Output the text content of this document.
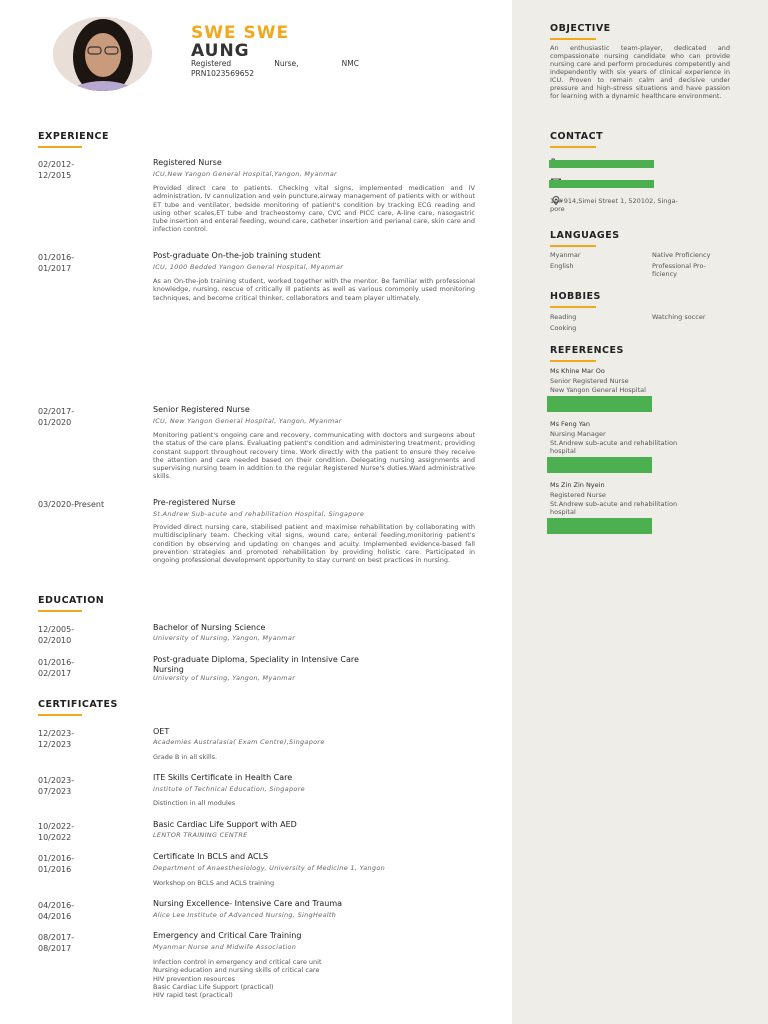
SWE SWE
AUNG
Registered	Nurse,	NMC
PRN1023569652
EXPERIENCE
02/2012-
12/2015
Registered Nurse
ICU,New Yangon General Hospital,Yangon, Myanmar
Provided direct care to patients. Checking vital signs, implemented medication and IV administration, IV cannulization and vein puncture,airway management of patients with or without ET tube and ventilator, bedside monitoring of patient's condition by tracking ECG reading and using other scales,ET tube and tracheostomy care, CVC and PICC care, A-line care, nasogastric tube insertion and enteral feeding, wound care, catheter insertion and perianal care, skin care and infection control.
01/2016-
01/2017
Post-graduate On-the-job training student
ICU, 1000 Bedded Yangon General Hospital, Myanmar
As an On-the-job training student, worked together with the mentor. Be familiar with professional knowledge, nursing, rescue of critically ill patients as well as various commonly used monitoring techniques, and become critical thinker, collaborators and team player ultimately.
02/2017-
01/2020
Senior Registered Nurse
ICU, New Yangon General Hospital, Yangon, Myanmar
Monitoring patient's ongoing care and recovery, communicating with doctors and surgeons about the status of the care plans. Evaluating patient's condition and administering treatment, providing constant support throughout recovery time. Work directly with the patient to ensure they receive the attention and care needed based on their condition. Delegating nursing assignments and supervising nursing team in addition to the regular Registered Nurse's duties.Ward administrative skills.
03/2020-Present	Pre-registered Nurse
St.Andrew Sub-acute and rehabilitation Hospital, Singapore
Provided direct nursing care, stabilised patient and maximise rehabilitation by collaborating with multidisciplinary team. Checking vital signs, wound care, enteral feeding,monitoring patient's condition by observing and updating on changes and acuity. Implemented evidence-based fall prevention strategies and promoted rehabilitation by providing holistic care. Participated in ongoing professional development opportunity to stay current on best practices in nursing.
EDUCATION
12/2005-
02/2010
Bachelor of Nursing Science
University of Nursing, Yangon, Myanmar
01/2016-
02/2017
Post-graduate Diploma, Speciality in Intensive Care
Nursing
University of Nursing, Yangon, Myanmar
CERTIFICATES
12/2023-
12/2023
OET
Academies Australasia( Exam Centre),Singapore
Grade B in all skills.
01/2023-
07/2023
ITE Skills Certificate in Health Care
Institute of Technical Education, Singapore
Distinction in all modules
10/2022-
10/2022
Basic Cardiac Life Support with AED
LENTOR TRAINING CENTRE
01/2016-
01/2016
Certificate In BCLS and ACLS
Department of Anaesthesiology, University of Medicine 1, Yangon
Workshop on BCLS and ACLS training
04/2016-
04/2016
Nursing Excellence- Intensive Care and Trauma
Alice Lee Institute of Advanced Nursing, SingHealth
08/2017-
08/2017
Emergency and Critical Care Training
Myanmar Nurse and Midwife Association
Infection control in emergency and critical care unit
Nursing education and nursing skills of critical care
HIV prevention resources
Basic Cardiac Life Support (practical)
HIV rapid test (practical)
OBJECTIVE
An enthusiastic team-player, dedicated and compassionate nursing candidate who can provide nursing care and perform procedures competently and independently with six years of clinical experience in ICU. Proven to remain calm and decisive under pressure and high-stress situations and have passion for learning with a dynamic healthcare environment.
CONTACT
10#914,Simei Street 1, 520102, Singa-
pore
LANGUAGES
Myanmar	Native Proficiency
English	Professional Pro-
ficiency
HOBBIES
Reading	Watching soccer
Cooking
REFERENCES
Ms Khine Mar Oo
Senior Registered Nurse
New Yangon General Hospital
Ms Feng Yan
Nursing Manager
St.Andrew sub-acute and rehabilitation
hospital
Ms Zin Zin Nyein
Registered Nurse
St.Andrew sub-acute and rehabilitation
hospital
